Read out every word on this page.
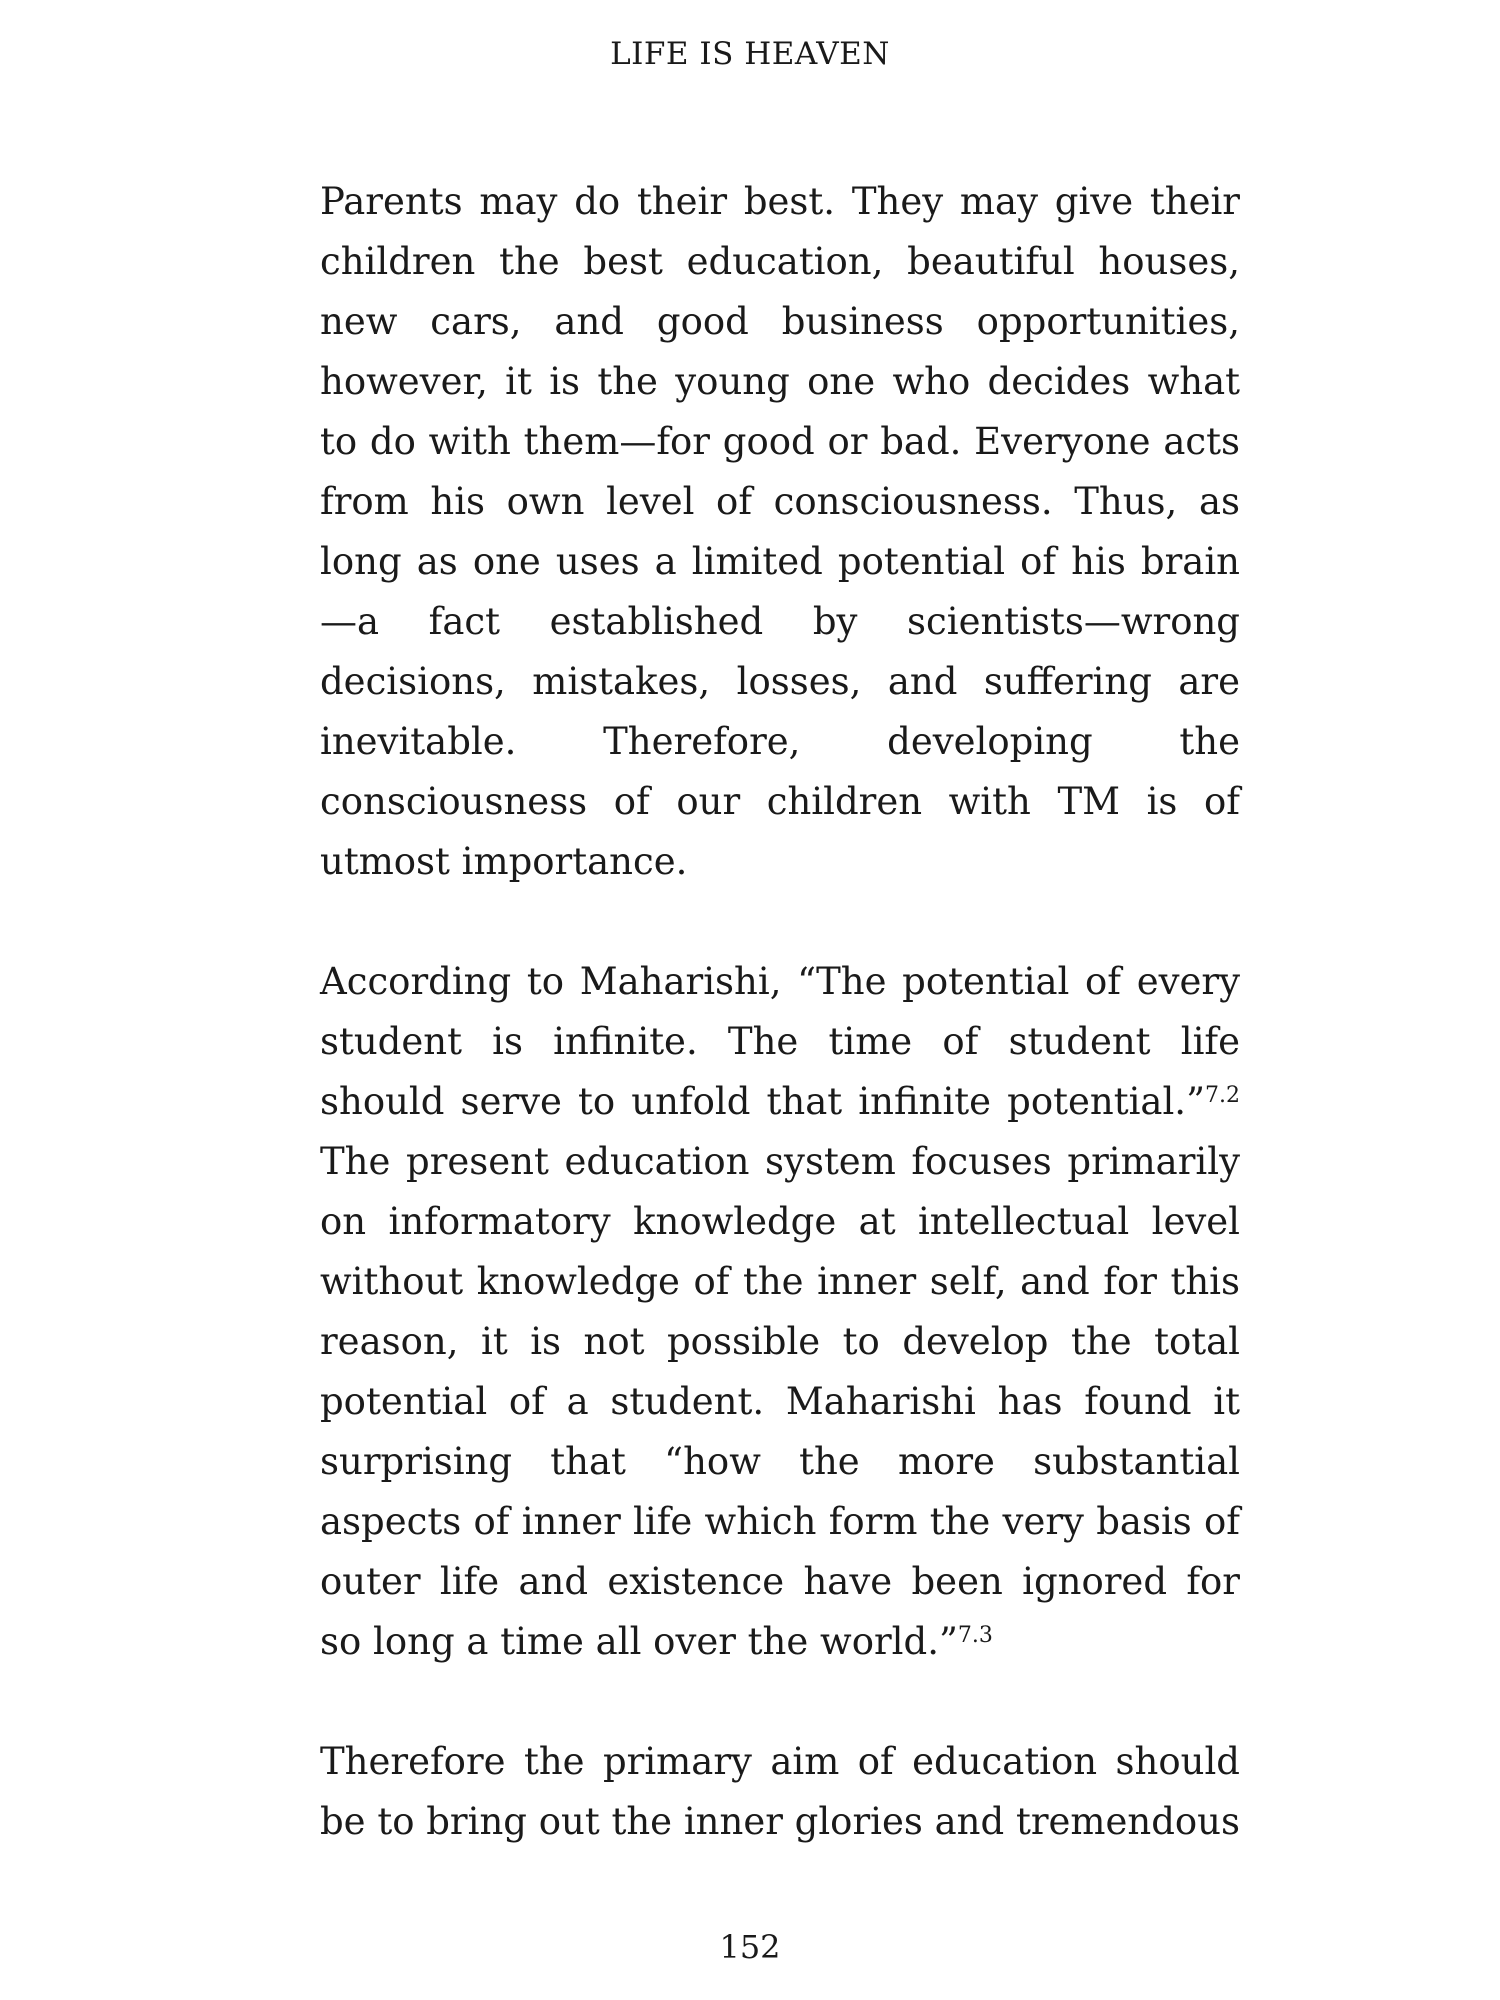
LIFE IS HEAVEN

Parents may do their best. They may give their children the best education, beautiful houses, new cars, and good business opportunities, however, it is the young one who decides what to do with them—for good or bad. Everyone acts from his own level of consciousness. Thus, as long as one uses a limited potential of his brain —a fact established by scientists—wrong decisions, mistakes, losses, and suffering are inevitable. Therefore, developing the consciousness of our children with TM is of utmost importance.

According to Maharishi, “The potential of every student is infinite. The time of student life should serve to unfold that infinite potential.”$^{7.2}$ The present education system focuses primarily on informatory knowledge at intellectual level without knowledge of the inner self, and for this reason, it is not possible to develop the total potential of a student. Maharishi has found it surprising that “how the more substantial aspects of inner life which form the very basis of outer life and existence have been ignored for so long a time all over the world.”$^{7.3}$

Therefore the primary aim of education should be to bring out the inner glories and tremendous

152
